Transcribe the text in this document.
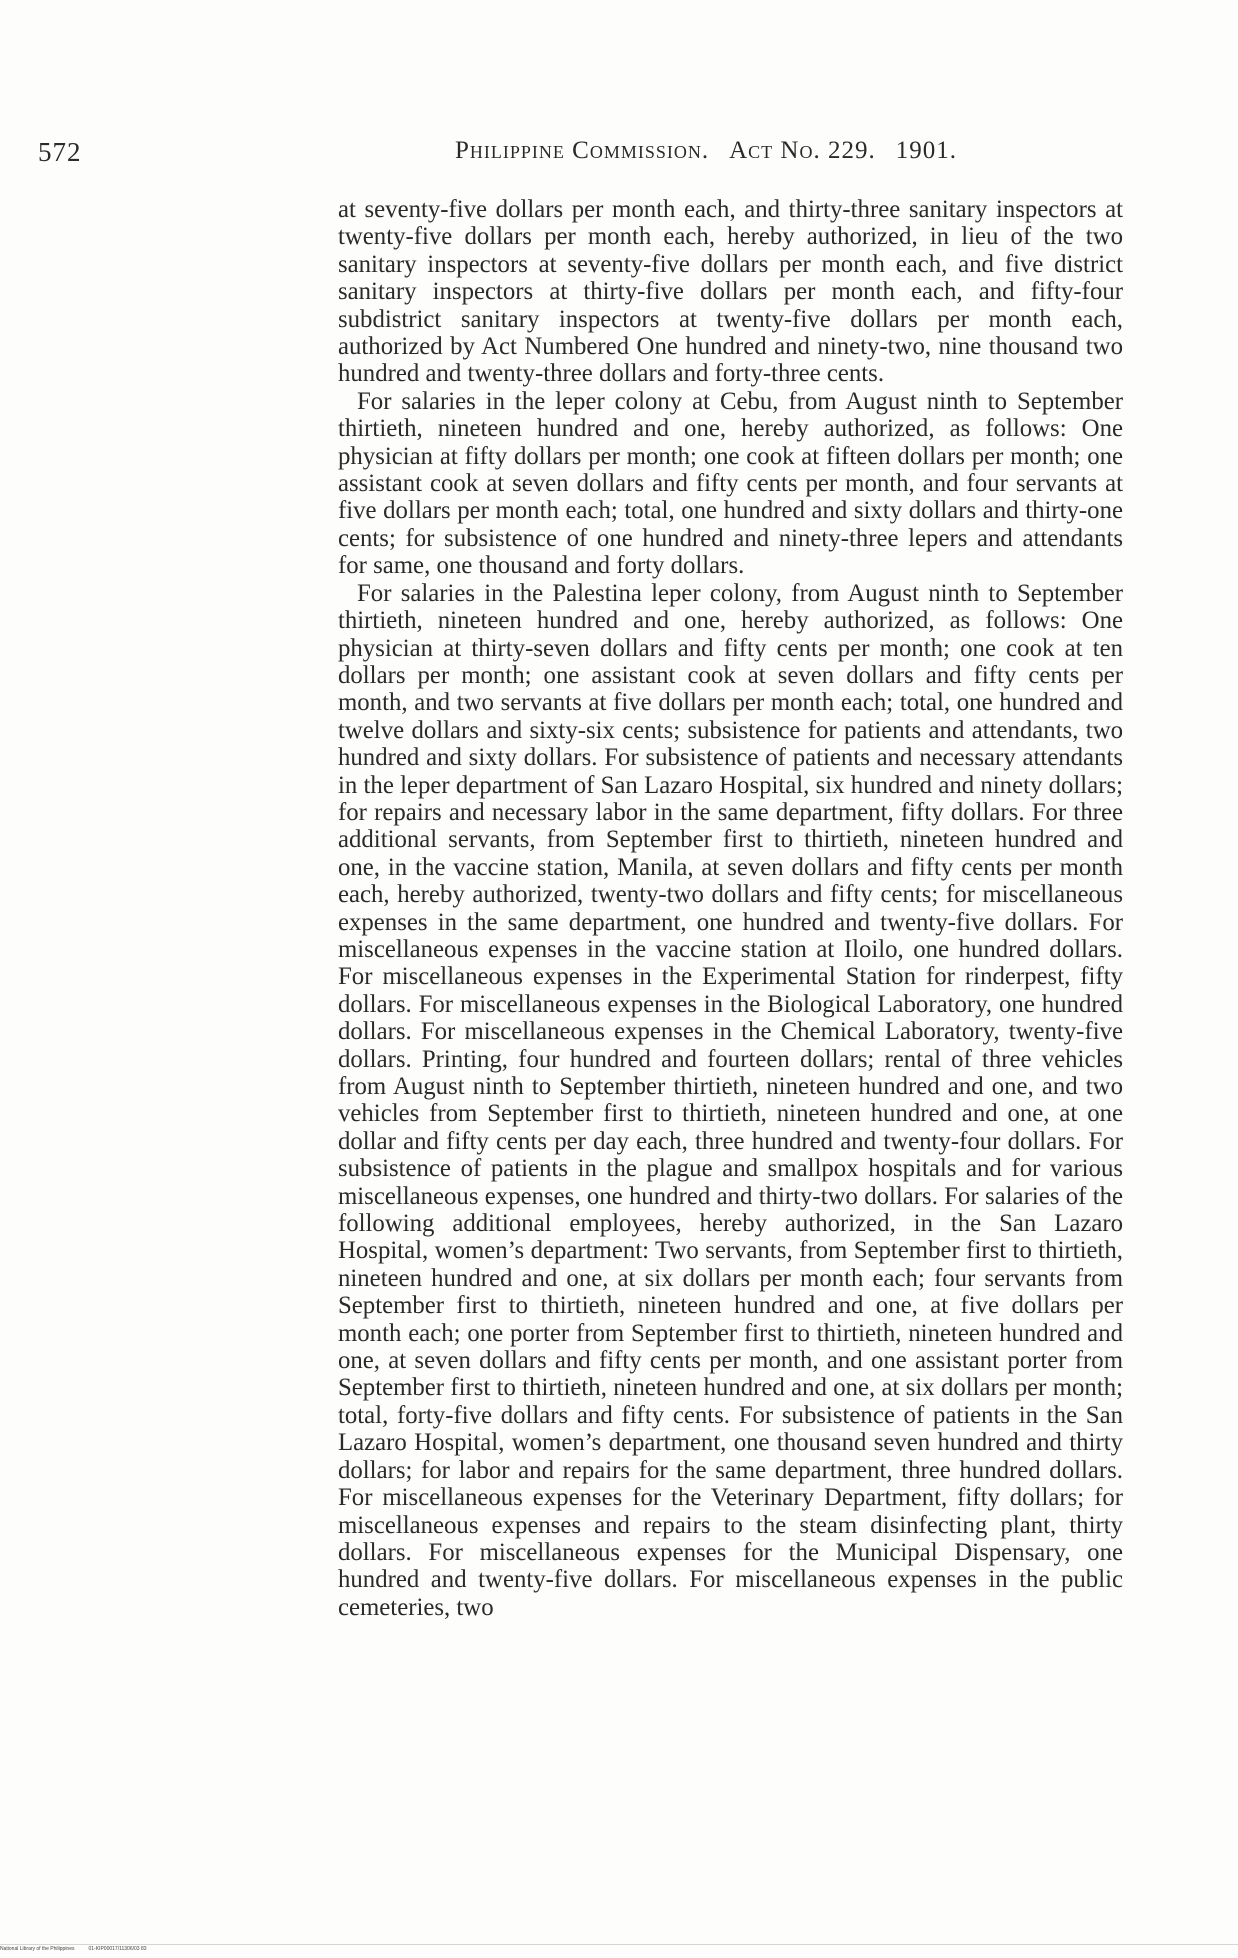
572	Philippine Commission. Act No. 229. 1901.

at seventy-five dollars per month each, and thirty-three sanitary inspectors at twenty-five dollars per month each, hereby authorized, in lieu of the two sanitary inspectors at seventy-five dollars per month each, and five district sanitary inspectors at thirty-five dollars per month each, and fifty-four subdistrict sanitary inspectors at twenty-five dollars per month each, authorized by Act Numbered One hundred and ninety-two, nine thousand two hundred and twenty-three dollars and forty-three cents.

For salaries in the leper colony at Cebu, from August ninth to September thirtieth, nineteen hundred and one, hereby authorized, as follows: One physician at fifty dollars per month; one cook at fifteen dollars per month; one assistant cook at seven dollars and fifty cents per month, and four servants at five dollars per month each; total, one hundred and sixty dollars and thirty-one cents; for subsistence of one hundred and ninety-three lepers and attendants for same, one thousand and forty dollars.

For salaries in the Palestina leper colony, from August ninth to September thirtieth, nineteen hundred and one, hereby authorized, as follows: One physician at thirty-seven dollars and fifty cents per month; one cook at ten dollars per month; one assistant cook at seven dollars and fifty cents per month, and two servants at five dollars per month each; total, one hundred and twelve dollars and sixty-six cents; subsistence for patients and attendants, two hundred and sixty dollars. For subsistence of patients and necessary attendants in the leper department of San Lazaro Hospital, six hundred and ninety dollars; for repairs and necessary labor in the same department, fifty dollars. For three additional servants, from September first to thirtieth, nineteen hundred and one, in the vaccine station, Manila, at seven dollars and fifty cents per month each, hereby authorized, twenty-two dollars and fifty cents; for miscellaneous expenses in the same department, one hundred and twenty-five dollars. For miscellaneous expenses in the vaccine station at Iloilo, one hundred dollars. For miscellaneous expenses in the Experimental Station for rinderpest, fifty dollars. For miscellaneous expenses in the Biological Laboratory, one hundred dollars. For miscellaneous expenses in the Chemical Laboratory, twenty-five dollars. Printing, four hundred and fourteen dollars; rental of three vehicles from August ninth to September thirtieth, nineteen hundred and one, and two vehicles from September first to thirtieth, nineteen hundred and one, at one dollar and fifty cents per day each, three hundred and twenty-four dollars. For subsistence of patients in the plague and smallpox hospitals and for various miscellaneous expenses, one hundred and thirty-two dollars. For salaries of the following additional employees, hereby authorized, in the San Lazaro Hospital, women’s department: Two servants, from September first to thirtieth, nineteen hundred and one, at six dollars per month each; four servants from September first to thirtieth, nineteen hundred and one, at five dollars per month each; one porter from September first to thirtieth, nineteen hundred and one, at seven dollars and fifty cents per month, and one assistant porter from September first to thirtieth, nineteen hundred and one, at six dollars per month; total, forty-five dollars and fifty cents. For subsistence of patients in the San Lazaro Hospital, women’s department, one thousand seven hundred and thirty dollars; for labor and repairs for the same department, three hundred dollars. For miscellaneous expenses for the Veterinary Department, fifty dollars; for miscellaneous expenses and repairs to the steam disinfecting plant, thirty dollars. For miscellaneous expenses for the Municipal Dispensary, one hundred and twenty-five dollars. For miscellaneous expenses in the public cemeteries, two

National Library of the Philippines	01-KIP00017/11306/03 83
